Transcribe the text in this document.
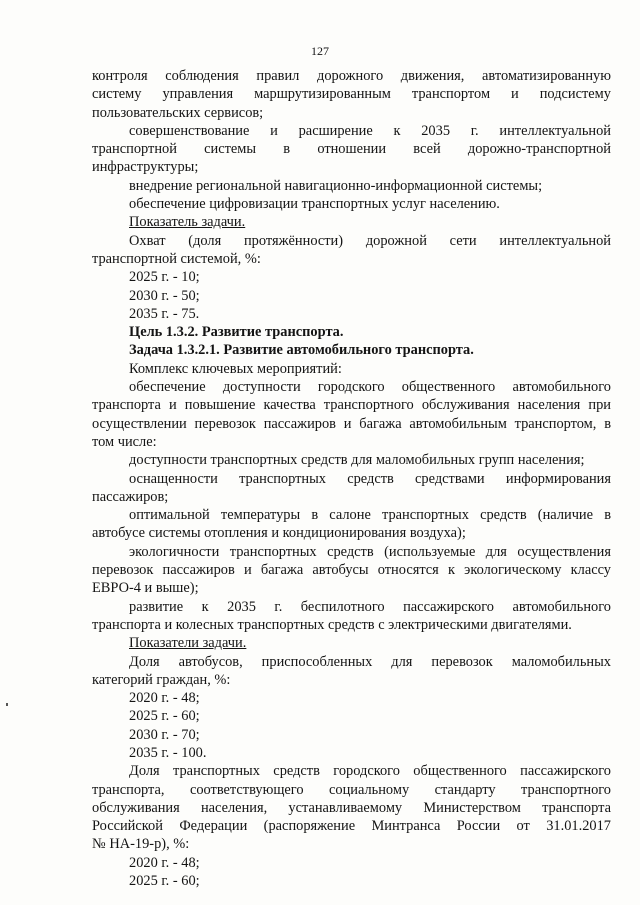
127

контроля соблюдения правил дорожного движения, автоматизированную

систему управления маршрутизированным транспортом и подсистему

пользовательских сервисов;

совершенствование и расширение к 2035 г. интеллектуальной

транспортной системы в отношении всей дорожно-транспортной

инфраструктуры;

внедрение региональной навигационно-информационной системы;

обеспечение цифровизации транспортных услуг населению.

Показатель задачи.

Охват (доля протяжённости) дорожной сети интеллектуальной

транспортной системой, %:

2025 г. - 10;

2030 г. - 50;

2035 г. - 75.

Цель 1.3.2. Развитие транспорта.

Задача 1.3.2.1. Развитие автомобильного транспорта.

Комплекс ключевых мероприятий:

обеспечение доступности городского общественного автомобильного

транспорта и повышение качества транспортного обслуживания населения при

осуществлении перевозок пассажиров и багажа автомобильным транспортом, в

том числе:

доступности транспортных средств для маломобильных групп населения;

оснащенности транспортных средств средствами информирования

пассажиров;

оптимальной температуры в салоне транспортных средств (наличие в

автобусе системы отопления и кондиционирования воздуха);

экологичности транспортных средств (используемые для осуществления

перевозок пассажиров и багажа автобусы относятся к экологическому классу

ЕВРО-4 и выше);

развитие к 2035 г. беспилотного пассажирского автомобильного

транспорта и колесных транспортных средств с электрическими двигателями.

Показатели задачи.

Доля автобусов, приспособленных для перевозок маломобильных

категорий граждан, %:

2020 г. - 48;

2025 г. - 60;

2030 г. - 70;

2035 г. - 100.

Доля транспортных средств городского общественного пассажирского

транспорта, соответствующего социальному стандарту транспортного

обслуживания населения, устанавливаемому Министерством транспорта

Российской Федерации (распоряжение Минтранса России от 31.01.2017

№ НА-19-р), %:

2020 г. - 48;

2025 г. - 60;
